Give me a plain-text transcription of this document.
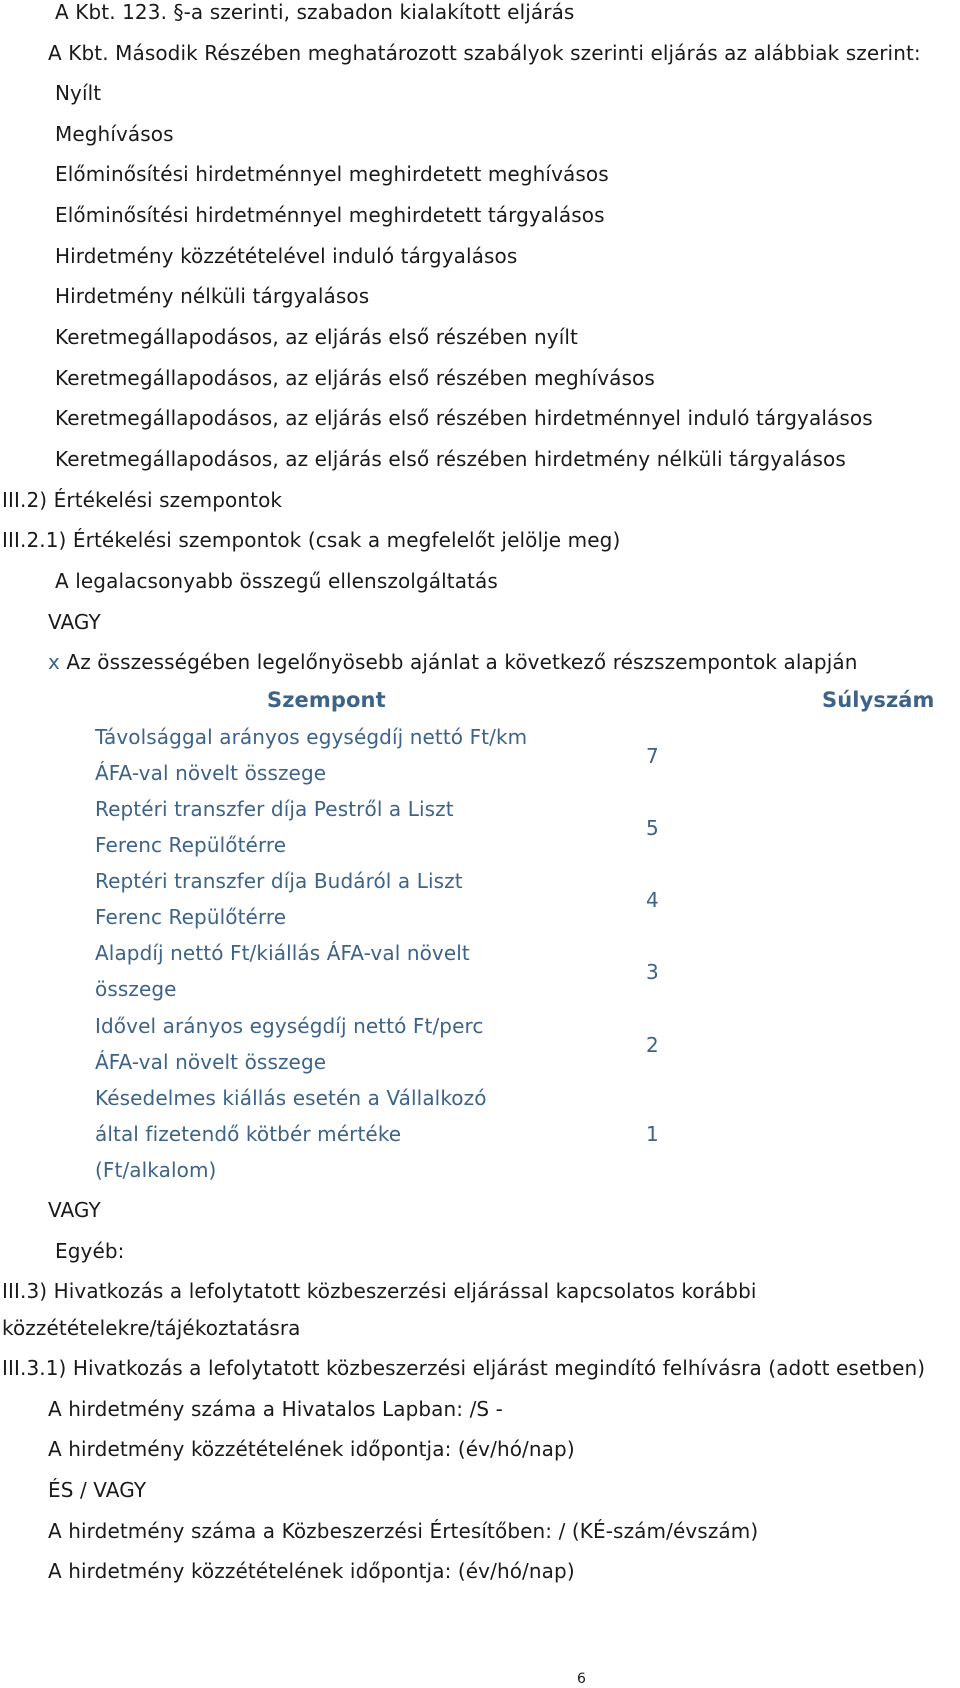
A Kbt. 123. §-a szerinti, szabadon kialakított eljárás
A Kbt. Második Részében meghatározott szabályok szerinti eljárás az alábbiak szerint:
Nyílt
Meghívásos
Előminősítési hirdetménnyel meghirdetett meghívásos
Előminősítési hirdetménnyel meghirdetett tárgyalásos
Hirdetmény közzétételével induló tárgyalásos
Hirdetmény nélküli tárgyalásos
Keretmegállapodásos, az eljárás első részében nyílt
Keretmegállapodásos, az eljárás első részében meghívásos
Keretmegállapodásos, az eljárás első részében hirdetménnyel induló tárgyalásos
Keretmegállapodásos, az eljárás első részében hirdetmény nélküli tárgyalásos
III.2) Értékelési szempontok
III.2.1) Értékelési szempontok (csak a megfelelőt jelölje meg)
A legalacsonyabb összegű ellenszolgáltatás
VAGY
x Az összességében legelőnyösebb ajánlat a következő részszempontok alapján
Szempont	Súlyszám
Távolsággal arányos egységdíj nettó Ft/km
ÁFA-val növelt összege
7
Reptéri transzfer díja Pestről a Liszt
Ferenc Repülőtérre
5
Reptéri transzfer díja Budáról a Liszt
Ferenc Repülőtérre
4
Alapdíj nettó Ft/kiállás ÁFA-val növelt
összege
3
Idővel arányos egységdíj nettó Ft/perc
ÁFA-val növelt összege
2
Késedelmes kiállás esetén a Vállalkozó
által fizetendő kötbér mértéke
(Ft/alkalom)
1
VAGY
Egyéb:
III.3) Hivatkozás a lefolytatott közbeszerzési eljárással kapcsolatos korábbi
közzétételekre/tájékoztatásra
III.3.1) Hivatkozás a lefolytatott közbeszerzési eljárást megindító felhívásra (adott esetben)
A hirdetmény száma a Hivatalos Lapban: /S -
A hirdetmény közzétételének időpontja: (év/hó/nap)
ÉS / VAGY
A hirdetmény száma a Közbeszerzési Értesítőben: / (KÉ-szám/évszám)
A hirdetmény közzétételének időpontja: (év/hó/nap)
6
